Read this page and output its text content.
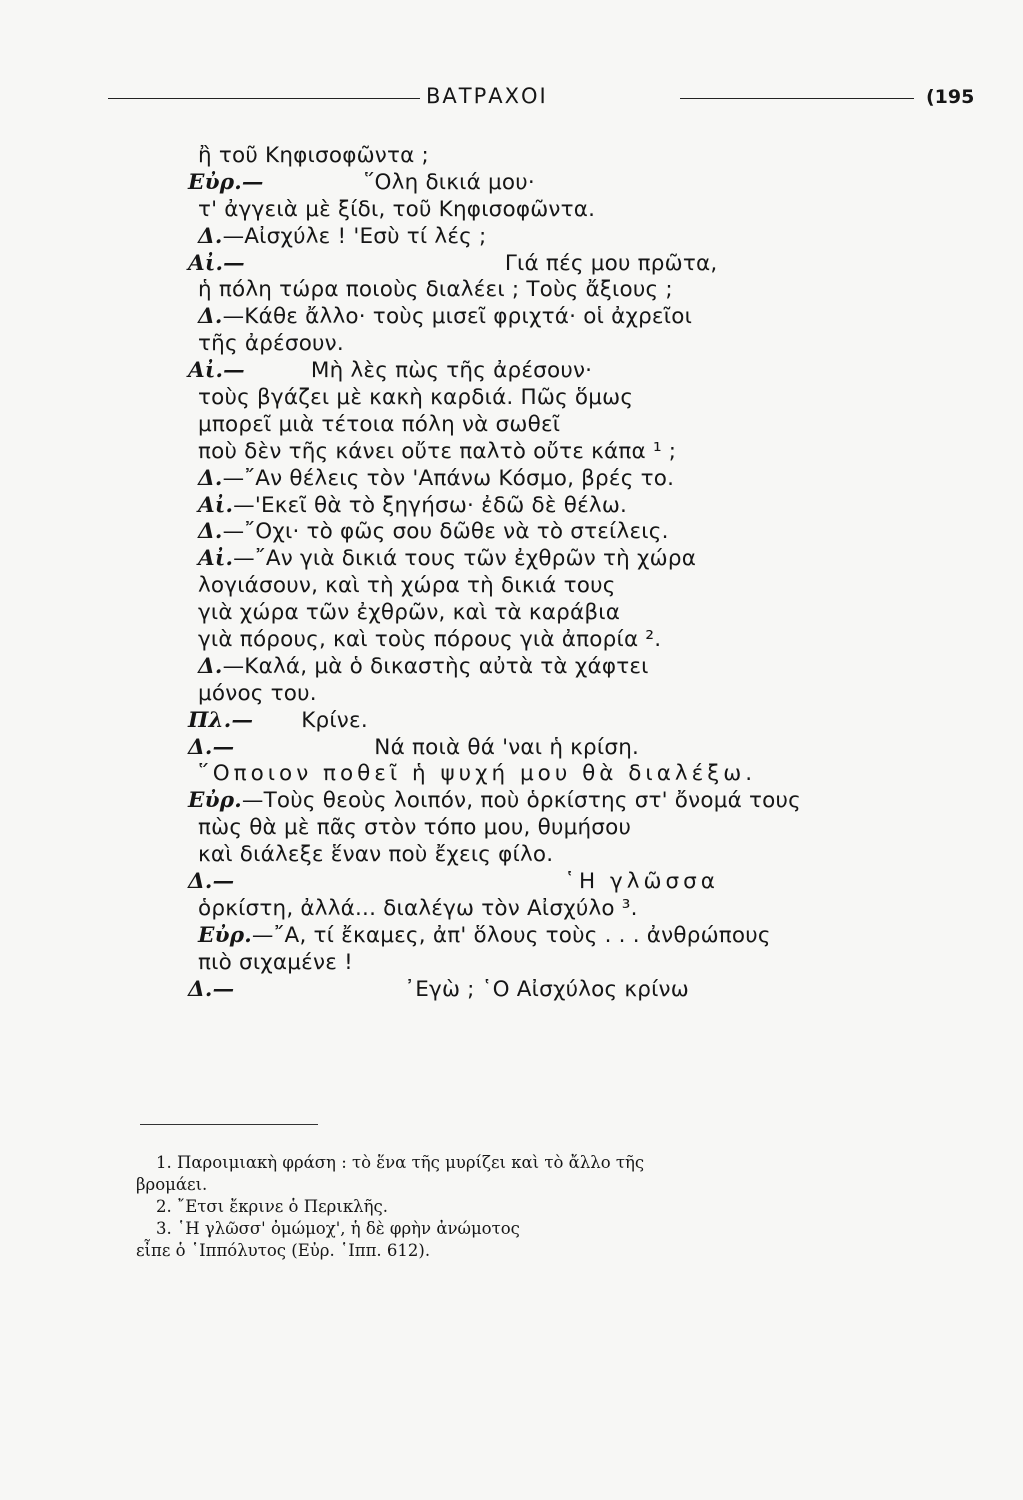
ΒΑΤΡΑΧΟΙ	(195
ἢ τοῦ Κηφισοφῶντα ;
Εὐρ.—	῞Ολη δικιά μου·
τ' ἀγγειὰ μὲ ξίδι, τοῦ Κηφισοφῶντα.
Δ.—Αἰσχύλε ! 'Εσὺ τί λές ;
Αἰ.—	Γιά πές μου πρῶτα,
ἡ πόλη τώρα ποιοὺς διαλέει ; Τοὺς ἄξιους ;
Δ.—Κάθε ἄλλο· τοὺς μισεῖ φριχτά· οἱ ἀχρεῖοι
τῆς ἀρέσουν.
Αἰ.—	Μὴ λὲς πὼς τῆς ἀρέσουν·
τοὺς βγάζει μὲ κακὴ καρδιά. Πῶς ὅμως
μπορεῖ μιὰ τέτοια πόλη νὰ σωθεῖ
ποὺ δὲν τῆς κάνει οὔτε παλτὸ οὔτε κάπα ¹ ;
Δ.—῎Αν θέλεις τὸν 'Απάνω Κόσμο, βρές το.
Αἰ.—'Εκεῖ θὰ τὸ ξηγήσω· ἐδῶ δὲ θέλω.
Δ.—῎Οχι· τὸ φῶς σου δῶθε νὰ τὸ στείλεις.
Αἰ.—῎Αν γιὰ δικιά τους τῶν ἐχθρῶν τὴ χώρα
λογιάσουν, καὶ τὴ χώρα τὴ δικιά τους
γιὰ χώρα τῶν ἐχθρῶν, καὶ τὰ καράβια
γιὰ πόρους, καὶ τοὺς πόρους γιὰ ἀπορία ².
Δ.—Καλά, μὰ ὁ δικαστὴς αὐτὰ τὰ χάφτει
μόνος του.
Πλ.— Κρίνε.
Δ.—	Νά ποιὰ θά 'ναι ἡ κρίση.
῞Οποιον ποθεῖ ἡ ψυχή μου θὰ διαλέξω.
Εὐρ.—Τοὺς θεοὺς λοιπόν, ποὺ ὁρκίστης στ' ὄνομά τους
πὼς θὰ μὲ πᾶς στὸν τόπο μου, θυμήσου
καὶ διάλεξε ἕναν ποὺ ἔχεις φίλο.
Δ.—	῾Η γλῶσσα
ὁρκίστη, ἀλλά... διαλέγω τὸν Αἰσχύλο ³.
Εὐρ.—῎Α, τί ἔκαμες, ἀπ' ὅλους τοὺς . . . ἀνθρώπους
πιὸ σιχαμένε !
Δ.—	᾽Εγὼ ; ῾Ο Αἰσχύλος κρίνω
1. Παροιμιακὴ φράση : τὸ ἕνα τῆς μυρίζει καὶ τὸ ἄλλο τῆς
βρομάει.
2. ῎Ετσι ἔκρινε ὁ Περικλῆς.
3. ῾Η γλῶσσ' ὀμώμοχ', ἡ δὲ φρὴν ἀνώμοτος
εἶπε ὁ ῾Ιππόλυτος (Εὐρ. ῾Ιππ. 612).
